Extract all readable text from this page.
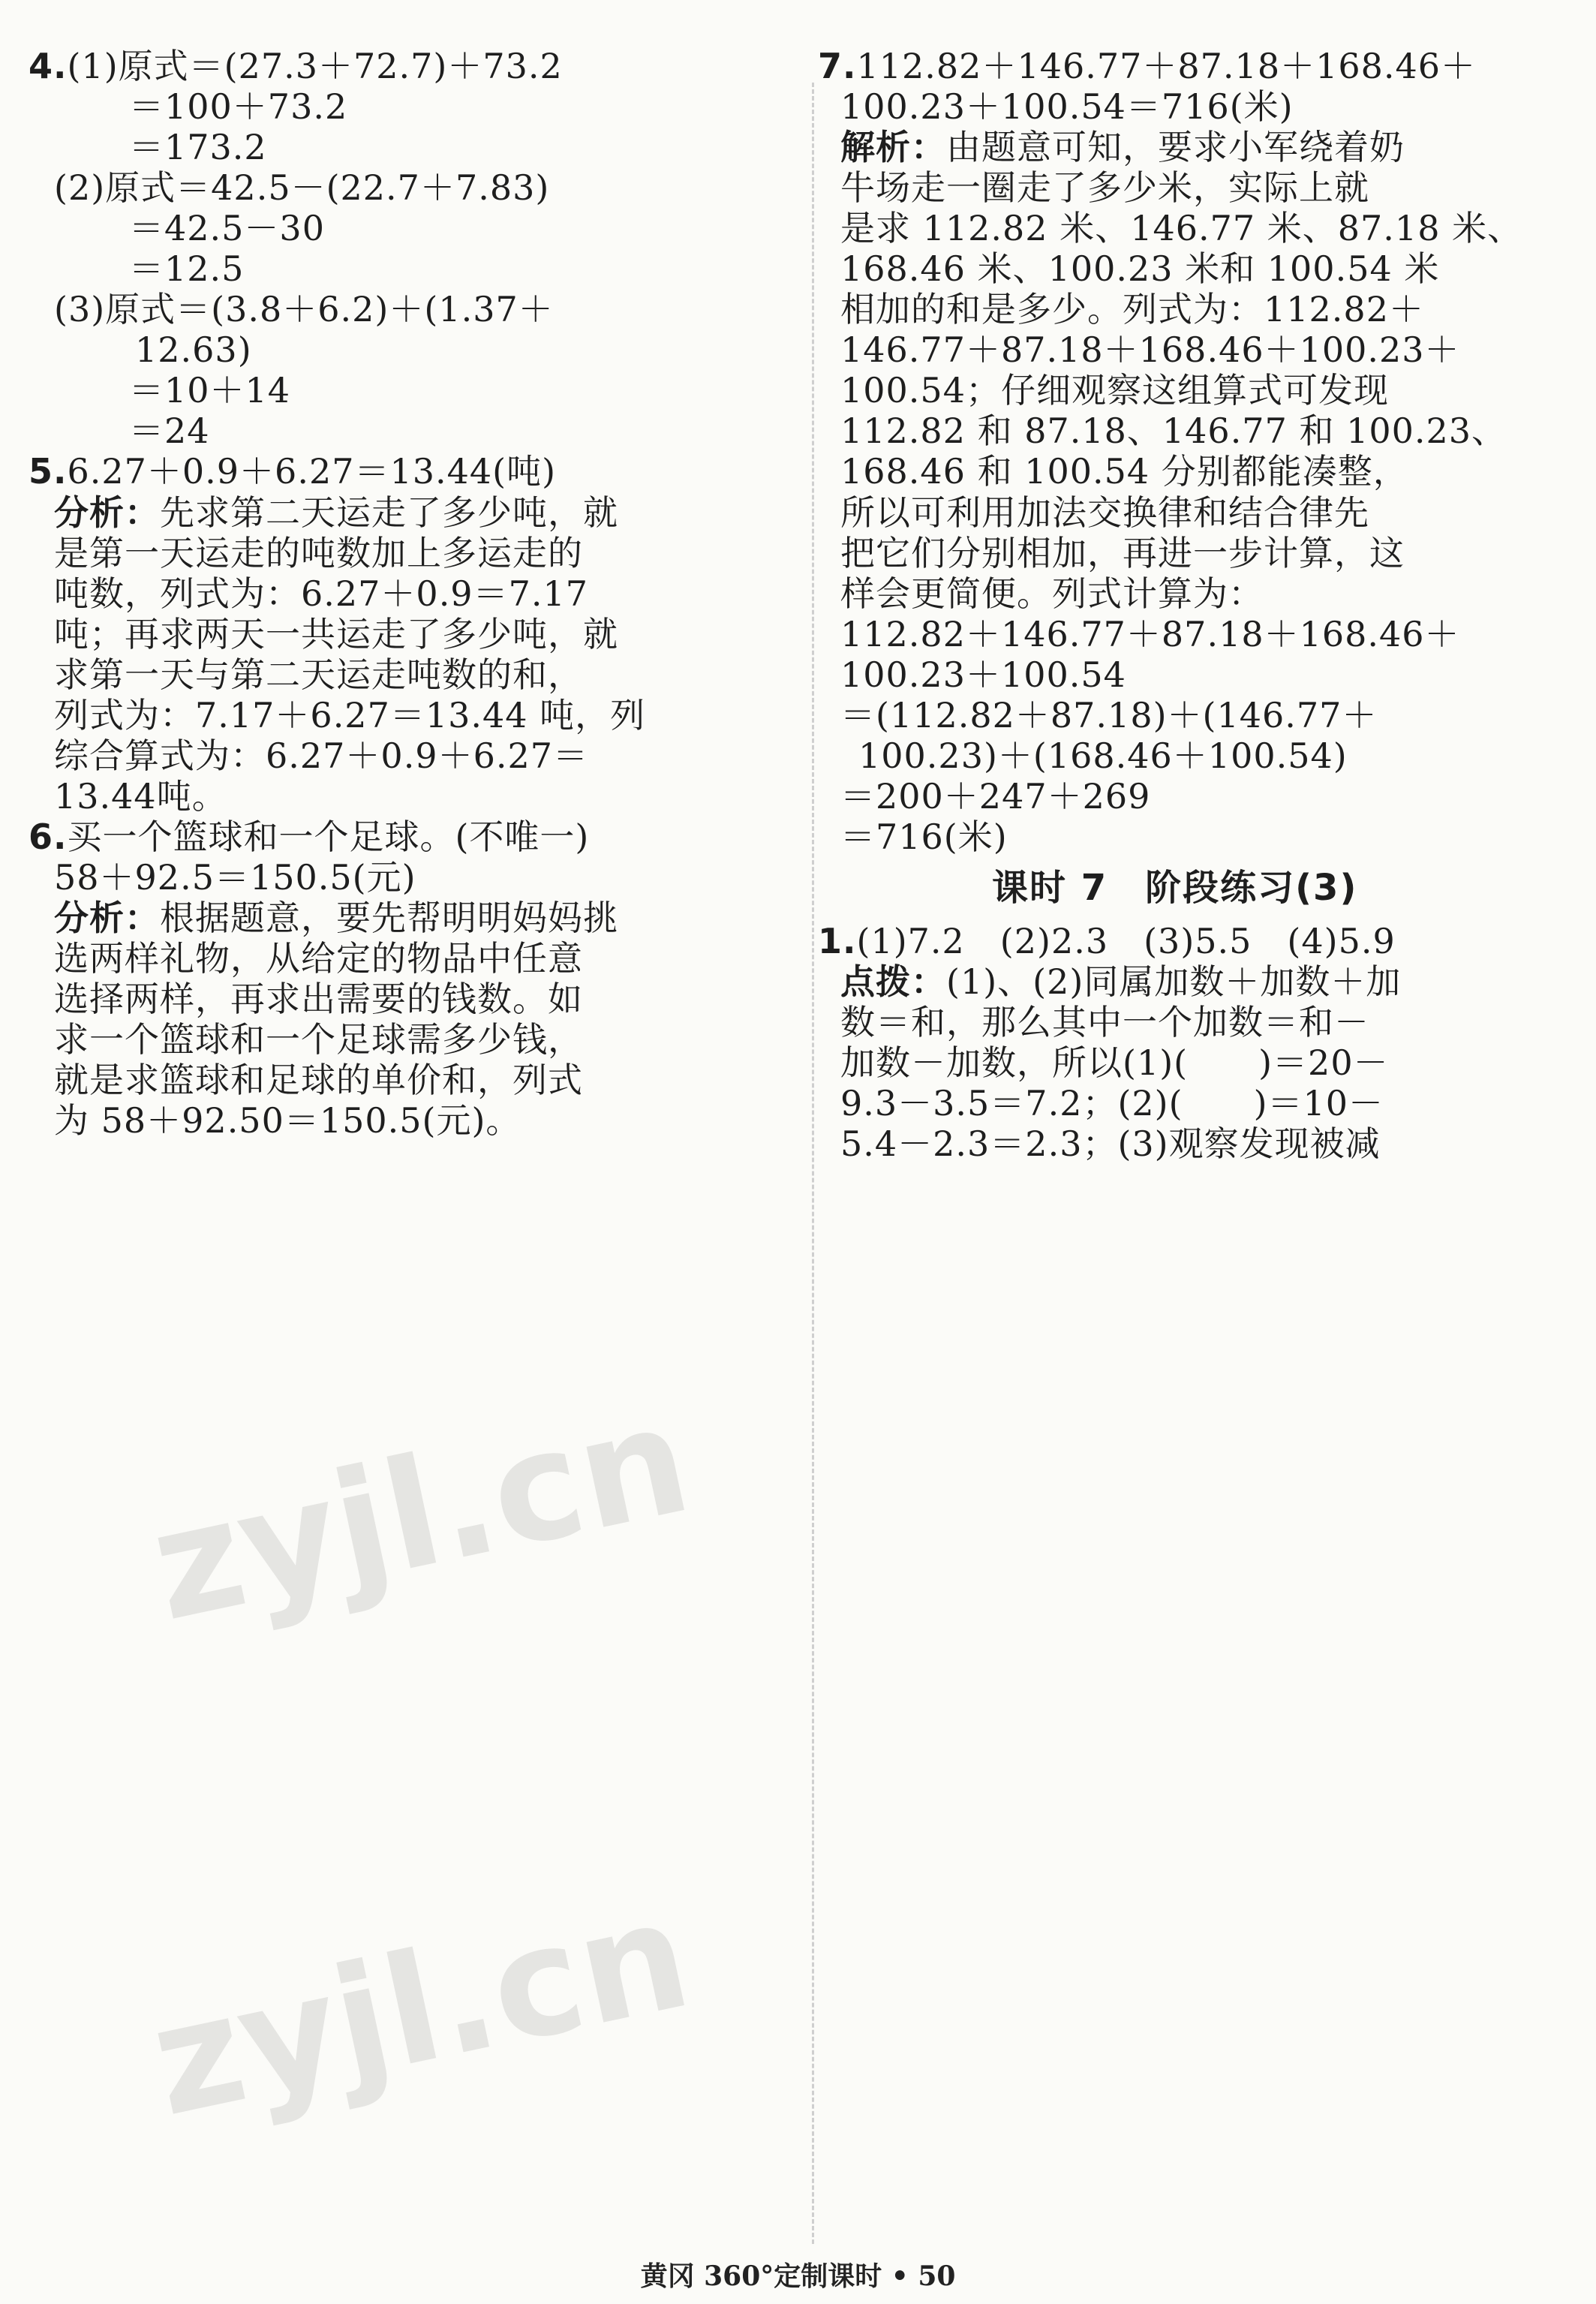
4.(1)原式＝(27.3＋72.7)＋73.2
＝100＋73.2
＝173.2
(2)原式＝42.5－(22.7＋7.83)
＝42.5－30
＝12.5
(3)原式＝(3.8＋6.2)＋(1.37＋
12.63)
＝10＋14
＝24
5.6.27＋0.9＋6.27＝13.44(吨)
分析：先求第二天运走了多少吨，就
是第一天运走的吨数加上多运走的
吨数，列式为：6.27＋0.9＝7.17
吨；再求两天一共运走了多少吨，就
求第一天与第二天运走吨数的和，
列式为：7.17＋6.27＝13.44 吨，列
综合算式为：6.27＋0.9＋6.27＝
13.44吨。
6.买一个篮球和一个足球。(不唯一)
58＋92.5＝150.5(元)
分析：根据题意，要先帮明明妈妈挑
选两样礼物，从给定的物品中任意
选择两样，再求出需要的钱数。如
求一个篮球和一个足球需多少钱，
就是求篮球和足球的单价和，列式
为 58＋92.50＝150.5(元)。
7.112.82＋146.77＋87.18＋168.46＋
100.23＋100.54＝716(米)
解析：由题意可知，要求小军绕着奶
牛场走一圈走了多少米，实际上就
是求 112.82 米、146.77 米、87.18 米、
168.46 米、100.23 米和 100.54 米
相加的和是多少。列式为：112.82＋
146.77＋87.18＋168.46＋100.23＋
100.54；仔细观察这组算式可发现
112.82 和 87.18、146.77 和 100.23、
168.46 和 100.54 分别都能凑整，
所以可利用加法交换律和结合律先
把它们分别相加，再进一步计算，这
样会更简便。列式计算为：
112.82＋146.77＋87.18＋168.46＋
100.23＋100.54
＝(112.82＋87.18)＋(146.77＋
100.23)＋(168.46＋100.54)
＝200＋247＋269
＝716(米)
课时 7　阶段练习(3)
1.(1)7.2　(2)2.3　(3)5.5　(4)5.9
点拨：(1)、(2)同属加数＋加数＋加
数＝和，那么其中一个加数＝和－
加数－加数，所以(1)(　　)＝20－
9.3－3.5＝7.2；(2)(　　)＝10－
5.4－2.3＝2.3；(3)观察发现被减
zyjl.cn
zyjl.cn
黄冈 360°定制课时 • 50
